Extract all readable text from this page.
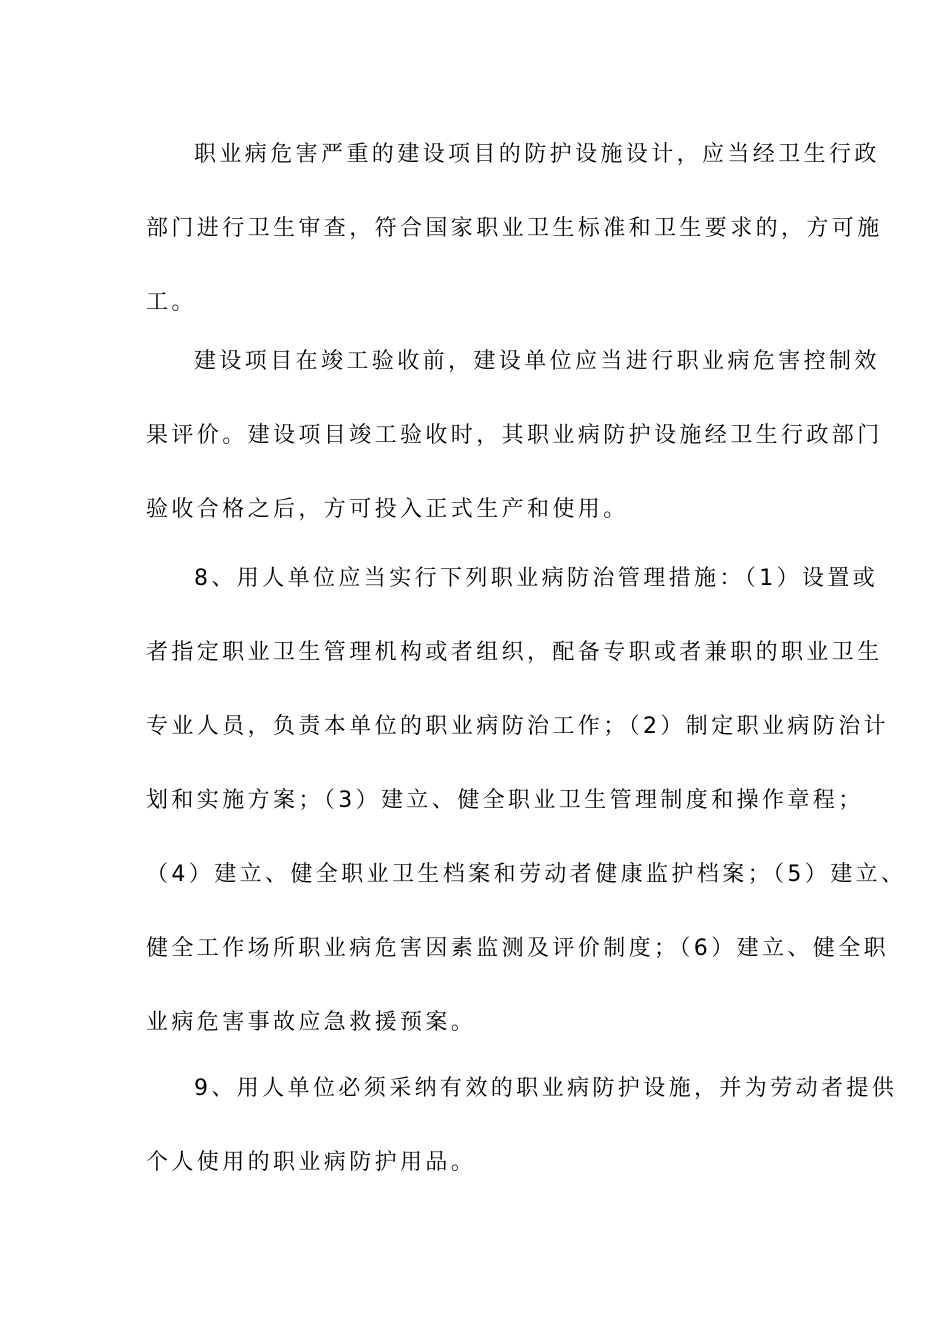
职业病危害严重的建设项目的防护设施设计，应当经卫生行政
部门进行卫生审查，符合国家职业卫生标准和卫生要求的，方可施
工。
建设项目在竣工验收前，建设单位应当进行职业病危害控制效
果评价。建设项目竣工验收时，其职业病防护设施经卫生行政部门
验收合格之后，方可投入正式生产和使用。
8、用人单位应当实行下列职业病防治管理措施：（1）设置或
者指定职业卫生管理机构或者组织，配备专职或者兼职的职业卫生
专业人员，负责本单位的职业病防治工作；（2）制定职业病防治计
划和实施方案；（3）建立、健全职业卫生管理制度和操作章程；
（4）建立、健全职业卫生档案和劳动者健康监护档案；（5）建立、
健全工作场所职业病危害因素监测及评价制度；（6）建立、健全职
业病危害事故应急救援预案。
9、用人单位必须采纳有效的职业病防护设施，并为劳动者提供
个人使用的职业病防护用品。
